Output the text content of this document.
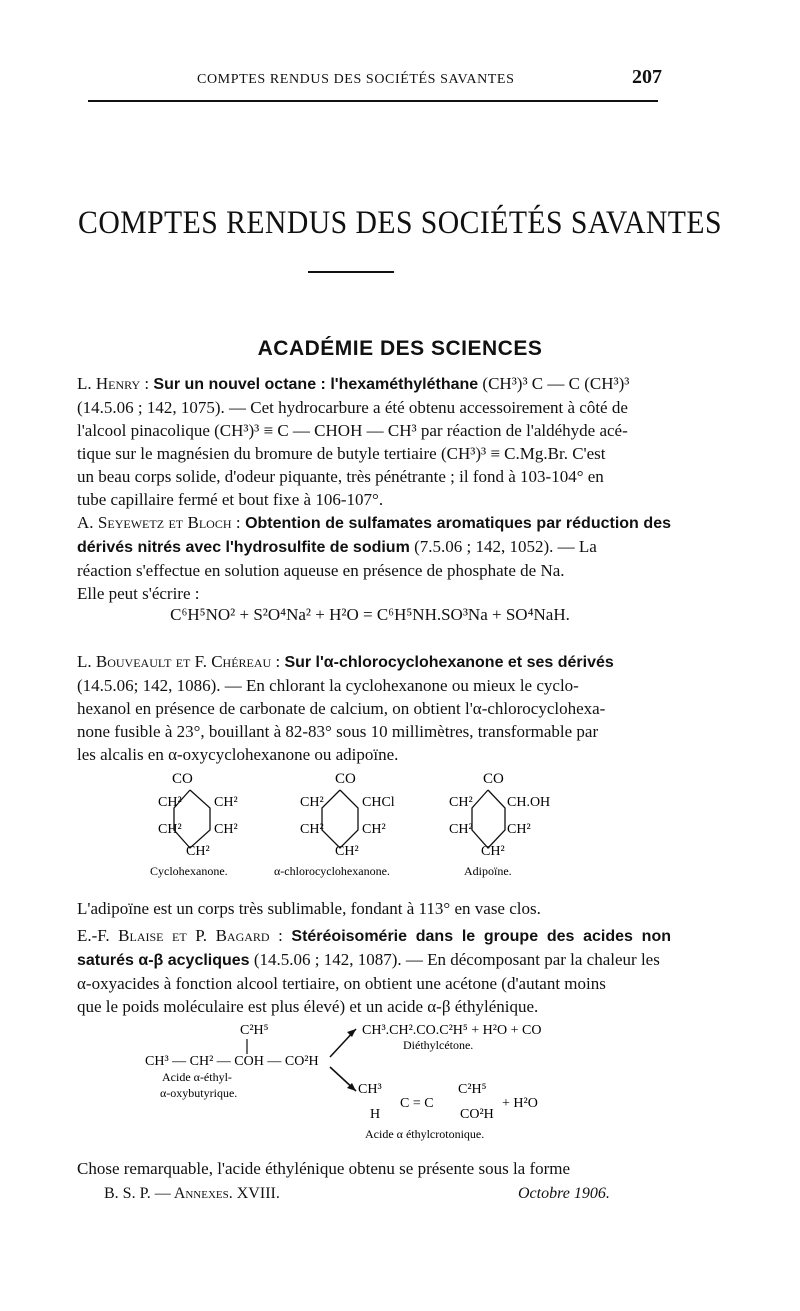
COMPTES RENDUS DES SOCIÉTÉS SAVANTES	207
COMPTES RENDUS DES SOCIÉTÉS SAVANTES
ACADÉMIE DES SCIENCES
L. Henry : Sur un nouvel octane : l'hexaméthyléthane (CH³)³ C — C (CH³)³
(14.5.06 ; 142, 1075). — Cet hydrocarbure a été obtenu accessoirement à côté de
l'alcool pinacolique (CH³)³ ≡ C — CHOH — CH³ par réaction de l'aldéhyde acé-
tique sur le magnésien du bromure de butyle tertiaire (CH³)³ ≡ C.Mg.Br. C'est
un beau corps solide, d'odeur piquante, très pénétrante ; il fond à 103-104° en
tube capillaire fermé et bout fixe à 106-107°.
A. Seyewetz et Bloch : Obtention de sulfamates aromatiques par réduction des dérivés nitrés avec l'hydrosulfite de sodium (7.5.06 ; 142, 1052). — La
réaction s'effectue en solution aqueuse en présence de phosphate de Na.
Elle peut s'écrire :
C⁶H⁵NO² + S²O⁴Na² + H²O = C⁶H⁵NH.SO³Na + SO⁴NaH.
L. Bouveault et F. Chéreau : Sur l'α-chlorocyclohexanone et ses dérivés
(14.5.06; 142, 1086). — En chlorant la cyclohexanone ou mieux le cyclo-
hexanol en présence de carbonate de calcium, on obtient l'α-chlorocyclohexa-
none fusible à 23°, bouillant à 82-83° sous 10 millimètres, transformable par
les alcalis en α-oxycyclohexanone ou adipoïne.
CO
CH² CH²
CH² CH²
CH²
Cyclohexanone.
CO
CH²	CHCl
CH²	CH²
CH²
α-chlorocyclohexanone.
CO
CH² CH.OH
CH² CH²
CH²
Adipoïne.
L'adipoïne est un corps très sublimable, fondant à 113° en vase clos.
E.-F. Blaise et P. Bagard : Stéréoisomérie dans le groupe des acides non saturés α-β acycliques (14.5.06 ; 142, 1087). — En décomposant par la chaleur les
α-oxyacides à fonction alcool tertiaire, on obtient une acétone (d'autant moins
que le poids moléculaire est plus élevé) et un acide α-β éthylénique.
C²H⁵
CH³ — CH² — COH — CO²H
Acide α-éthyl-
α-oxybutyrique.
CH³.CH².CO.C²H⁵ + H²O + CO
Diéthylcétone.
CH³
H
C = C
C²H⁵
CO²H
+ H²O
Acide α éthylcrotonique.
Chose remarquable, l'acide éthylénique obtenu se présente sous la forme
B. S. P. — Annexes. XVIII.	Octobre 1906.
